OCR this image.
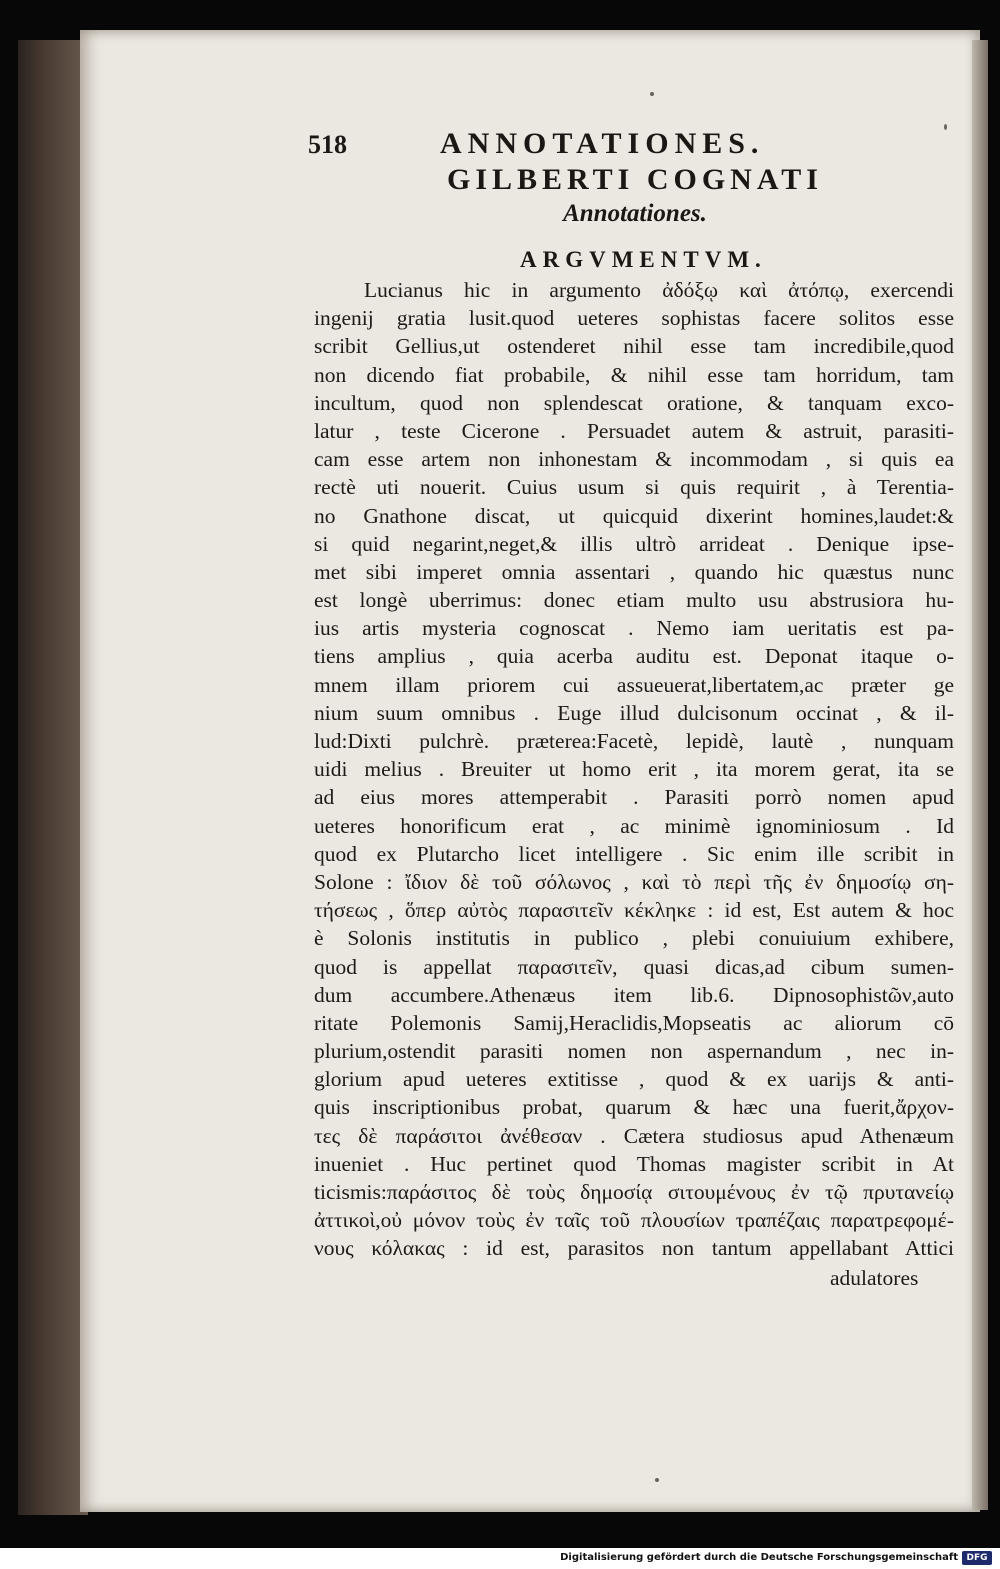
518	ANNOTATIONES.
GILBERTI COGNATI
Annotationes.
ARGVMENTVM.
Lucianus hic in argumento ἀδόξῳ καὶ ἀτόπῳ, exercendi
ingenij gratia lusit.quod ueteres sophistas facere solitos esse
scribit Gellius,ut ostenderet nihil esse tam incredibile,quod
non dicendo fiat probabile, & nihil esse tam horridum, tam
incultum, quod non splendescat oratione, & tanquam exco-
latur , teste Cicerone . Persuadet autem & astruit, parasiti-
cam esse artem non inhonestam & incommodam , si quis ea
rectè uti nouerit. Cuius usum si quis requirit , à Terentia-
no Gnathone discat, ut quicquid dixerint homines,laudet:&
si quid negarint,neget,& illis ultrò arrideat . Denique ipse-
met sibi imperet omnia assentari , quando hic quæstus nunc
est longè uberrimus: donec etiam multo usu abstrusiora hu-
ius artis mysteria cognoscat . Nemo iam ueritatis est pa-
tiens amplius , quia acerba auditu est. Deponat itaque o-
mnem illam priorem cui assueuerat,libertatem,ac præter ge
nium suum omnibus . Euge illud dulcisonum occinat , & il-
lud:Dixti pulchrè. præterea:Facetè, lepidè, lautè , nunquam
uidi melius . Breuiter ut homo erit , ita morem gerat, ita se
ad eius mores attemperabit . Parasiti porrò nomen apud
ueteres honorificum erat , ac minimè ignominiosum . Id
quod ex Plutarcho licet intelligere . Sic enim ille scribit in
Solone : ἴδιον δὲ τοῦ σόλωνος , καὶ τὸ περὶ τῆς ἐν δημοσίῳ ση-
τήσεως , ὅπερ αὐτὸς παρασιτεῖν κέκληκε : id est, Est autem & hoc
è Solonis institutis in publico , plebi conuiuium exhibere,
quod is appellat παρασιτεῖν, quasi dicas,ad cibum sumen-
dum accumbere.Athenæus item lib.6. Dipnosophistῶν,auto
ritate Polemonis Samij,Heraclidis,Mopseatis ac aliorum cō
plurium,ostendit parasiti nomen non aspernandum , nec in-
glorium apud ueteres extitisse , quod & ex uarijs & anti-
quis inscriptionibus probat, quarum & hæc una fuerit,ἄρχον-
τες δὲ παράσιτοι ἀνέθεσαν . Cætera studiosus apud Athenæum
inueniet . Huc pertinet quod Thomas magister scribit in At
ticismis:παράσιτος δὲ τοὺς δημοσίᾳ σιτουμένους ἐν τῷ πρυτανείῳ
ἀττικοὶ,οὐ μόνον τοὺς ἐν ταῖς τοῦ πλουσίων τραπέζαις παρατρεφομέ-
νους κόλακας : id est, parasitos non tantum appellabant Attici
adulatores
Digitalisierung gefördert durch die Deutsche Forschungsgemeinschaft DFG
